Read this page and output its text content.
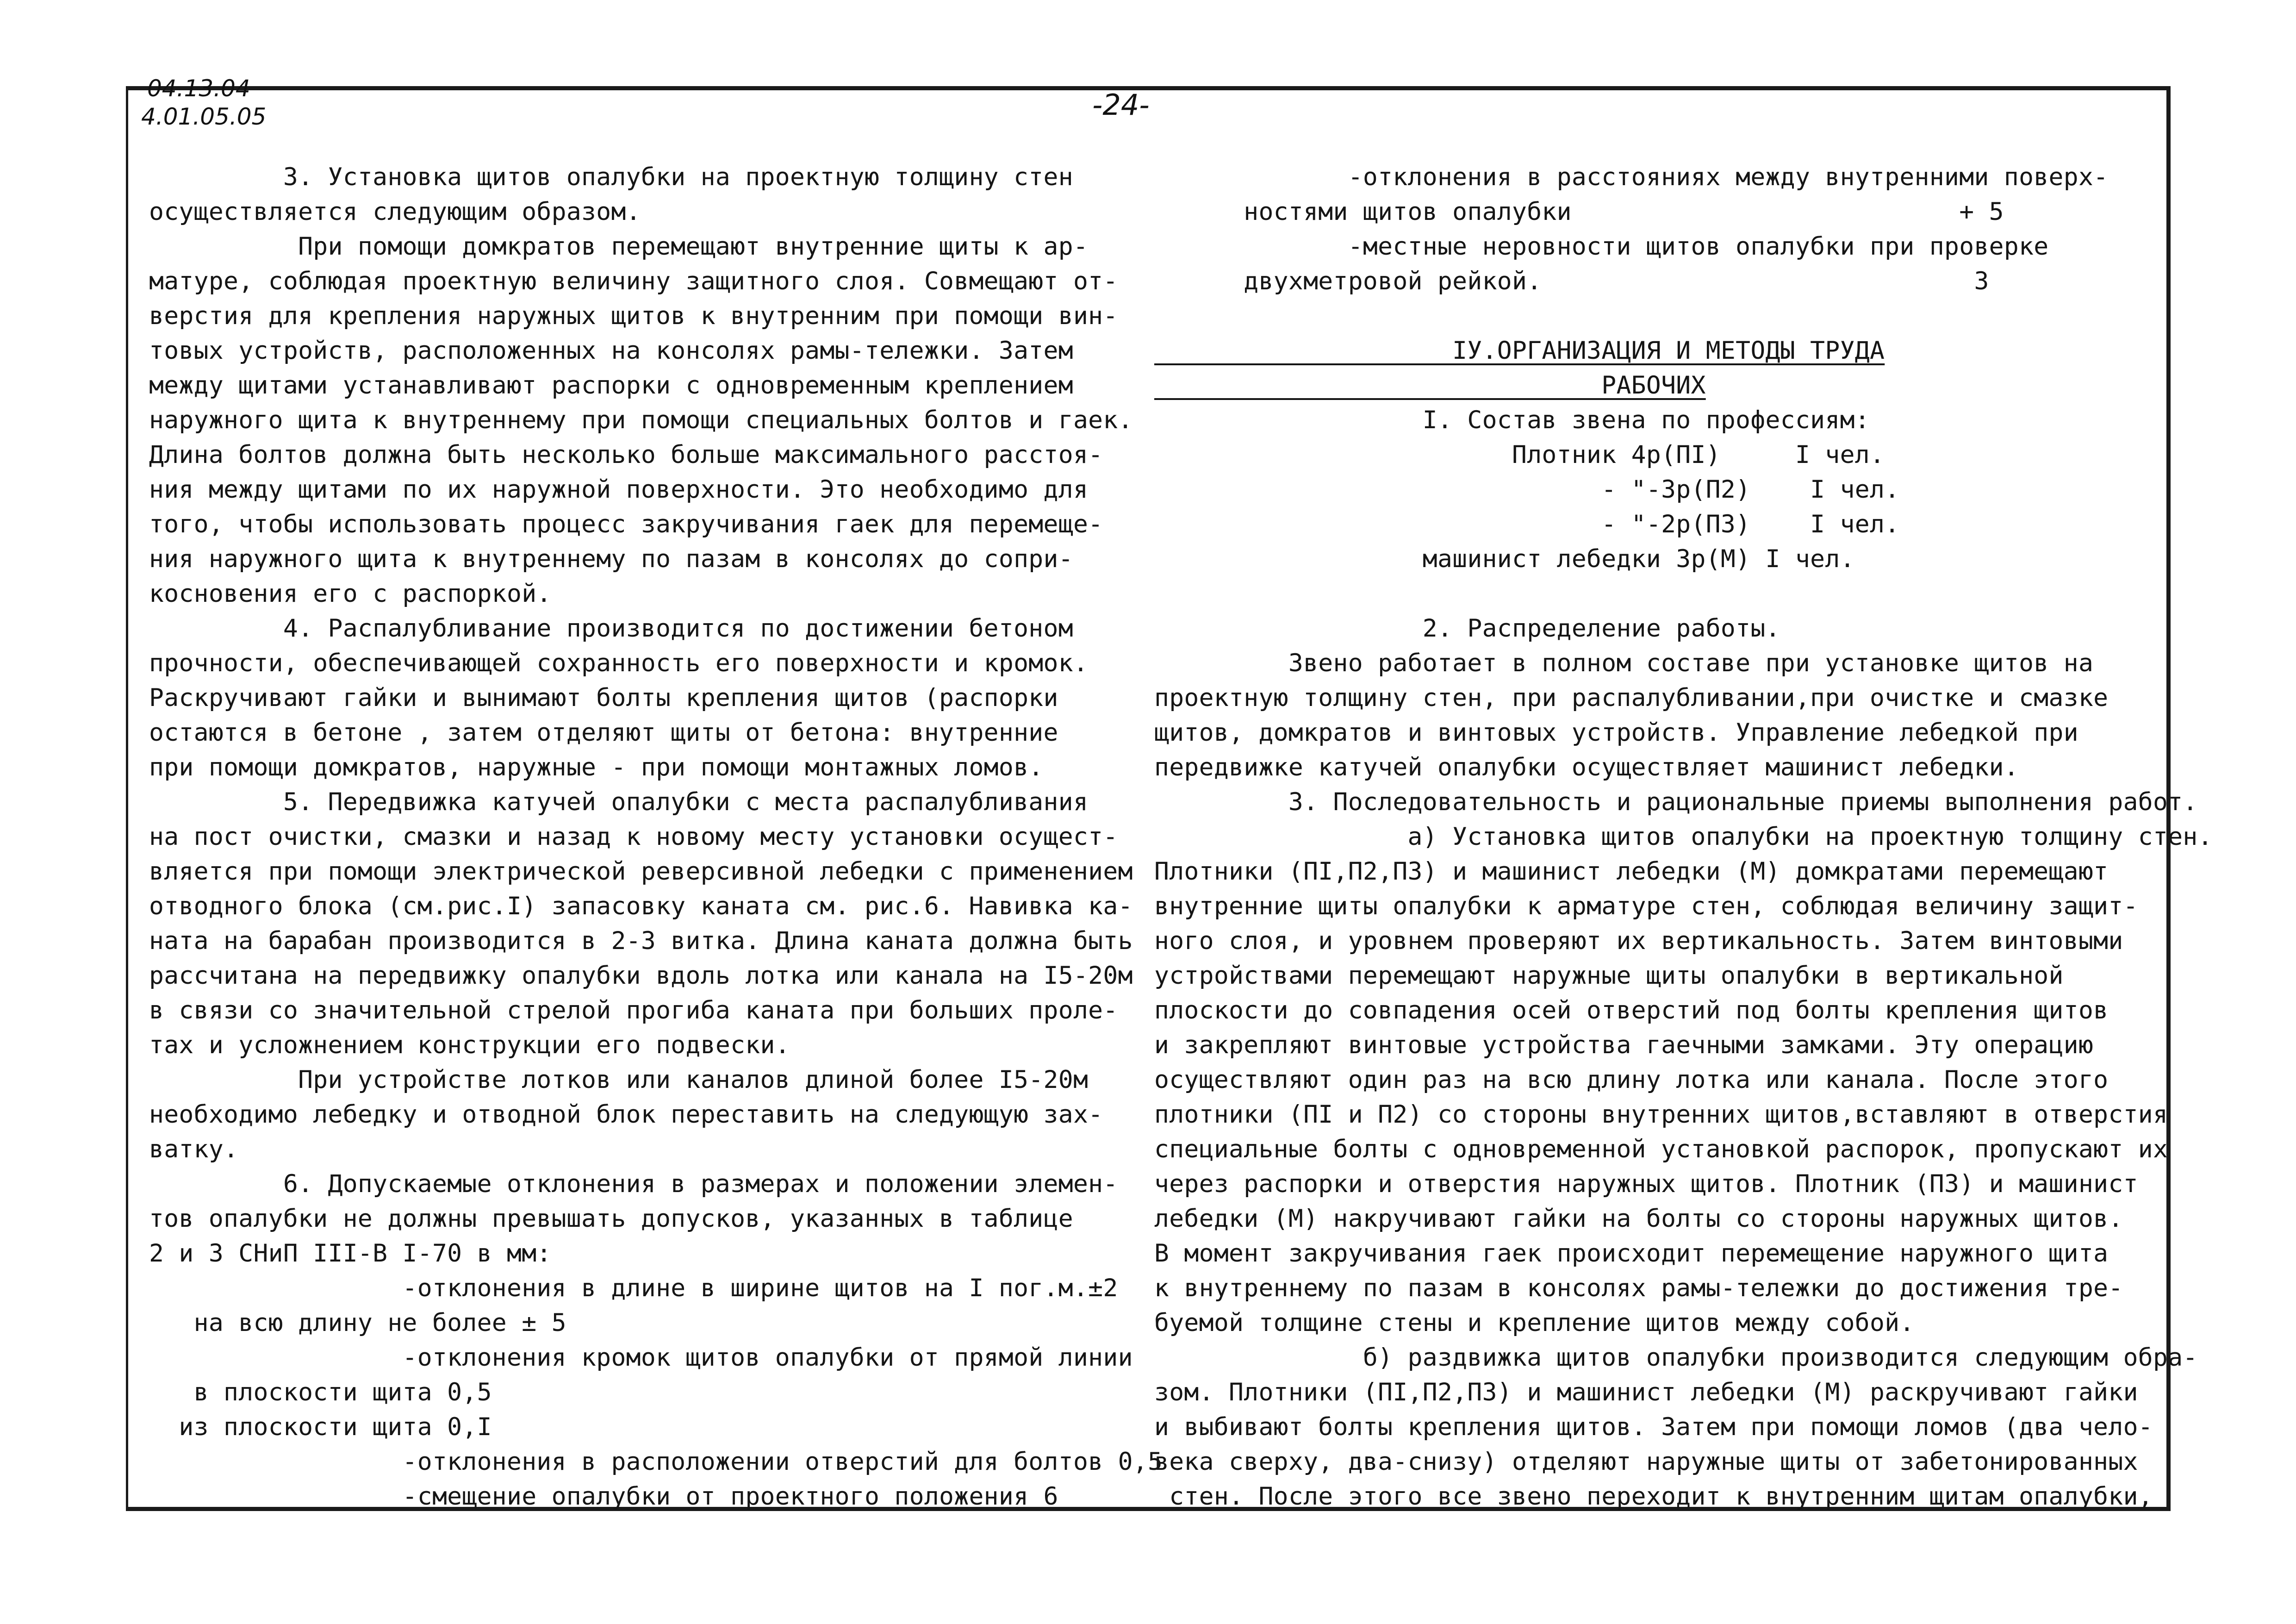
04.13.04
4.01.05.05	-24-
3. Установка щитов опалубки на проектную толщину стен
осуществляется следующим образом.
При помощи домкратов перемещают внутренние щиты к ар-
матуре, соблюдая проектную величину защитного слоя. Совмещают от-
верстия для крепления наружных щитов к внутренним при помощи вин-
товых устройств, расположенных на консолях рамы-тележки. Затем
между щитами устанавливают распорки с одновременным креплением
наружного щита к внутреннему при помощи специальных болтов и гаек.
Длина болтов должна быть несколько больше максимального расстоя-
ния между щитами по их наружной поверхности. Это необходимо для
того, чтобы использовать процесс закручивания гаек для перемеще-
ния наружного щита к внутреннему по пазам в консолях до сопри-
косновения его с распоркой.
4. Распалубливание производится по достижении бетоном
прочности, обеспечивающей сохранность его поверхности и кромок.
Раскручивают гайки и вынимают болты крепления щитов (распорки
остаются в бетоне , затем отделяют щиты от бетона: внутренние
при помощи домкратов, наружные - при помощи монтажных ломов.
5. Передвижка катучей опалубки с места распалубливания
на пост очистки, смазки и назад к новому месту установки осущест-
вляется при помощи электрической реверсивной лебедки с применением
отводного блока (см.рис.I) запасовку каната см. рис.6. Навивка ка-
ната на барабан производится в 2-3 витка. Длина каната должна быть
рассчитана на передвижку опалубки вдоль лотка или канала на I5-20м
в связи со значительной стрелой прогиба каната при больших проле-
тах и усложнением конструкции его подвески.
При устройстве лотков или каналов длиной более I5-20м
необходимо лебедку и отводной блок переставить на следующую зах-
ватку.
6. Допускаемые отклонения в размерах и положении элемен-
тов опалубки не должны превышать допусков, указанных в таблице
2 и 3 СНиП III-В I-70 в мм:
-отклонения в длине в ширине щитов на I пог.м.±2
на всю длину не более ± 5
-отклонения кромок щитов опалубки от прямой линии
в плоскости щита 0,5
из плоскости щита 0,I
-отклонения в расположении отверстий для болтов 0,5
-смещение опалубки от проектного положения 6
-отклонения в расстояниях между внутренними поверх-
ностями щитов опалубки                          + 5
-местные неровности щитов опалубки при проверке
двухметровой рейкой.                             3
IУ.ОРГАНИЗАЦИЯ И МЕТОДЫ ТРУДА
РАБОЧИХ
I. Состав звена по профессиям:
Плотник 4р(ПI)     I чел.
- "-3р(П2)    I чел.
- "-2р(П3)    I чел.
машинист лебедки 3р(М) I чел.
2. Распределение работы.
Звено работает в полном составе при установке щитов на
проектную толщину стен, при распалубливании,при очистке и смазке
щитов, домкратов и винтовых устройств. Управление лебедкой при
передвижке катучей опалубки осуществляет машинист лебедки.
3. Последовательность и рациональные приемы выполнения работ.
а) Установка щитов опалубки на проектную толщину стен.
Плотники (ПI,П2,П3) и машинист лебедки (М) домкратами перемещают
внутренние щиты опалубки к арматуре стен, соблюдая величину защит-
ного слоя, и уровнем проверяют их вертикальность. Затем винтовыми
устройствами перемещают наружные щиты опалубки в вертикальной
плоскости до совпадения осей отверстий под болты крепления щитов
и закрепляют винтовые устройства гаечными замками. Эту операцию
осуществляют один раз на всю длину лотка или канала. После этого
плотники (ПI и П2) со стороны внутренних щитов,вставляют в отверстия
специальные болты с одновременной установкой распорок, пропускают их
через распорки и отверстия наружных щитов. Плотник (П3) и машинист
лебедки (М) накручивают гайки на болты со стороны наружных щитов.
В момент закручивания гаек происходит перемещение наружного щита
к внутреннему по пазам в консолях рамы-тележки до достижения тре-
буемой толщине стены и крепление щитов между собой.
б) раздвижка щитов опалубки производится следующим обра-
зом. Плотники (ПI,П2,П3) и машинист лебедки (М) раскручивают гайки
и выбивают болты крепления щитов. Затем при помощи ломов (два чело-
века сверху, два-снизу) отделяют наружные щиты от забетонированных
стен. После этого все звено переходит к внутренним щитам опалубки,
